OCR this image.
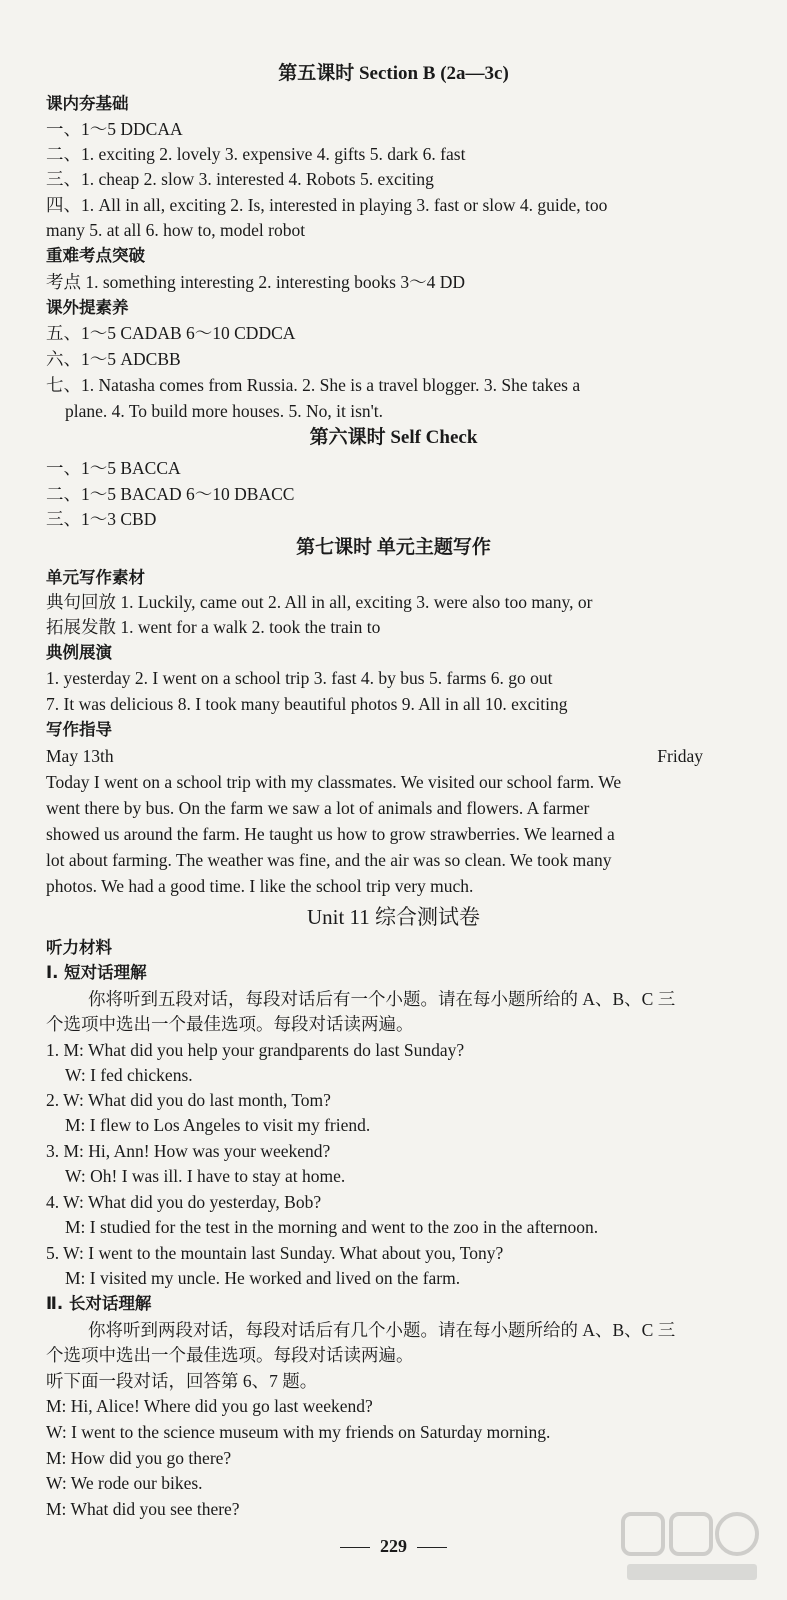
第五课时 Section B (2a—3c)
课内夯基础
一、1～5 DDCAA
二、1. exciting 2. lovely 3. expensive 4. gifts 5. dark 6. fast
三、1. cheap 2. slow 3. interested 4. Robots 5. exciting
四、1. All in all, exciting 2. Is, interested in playing 3. fast or slow 4. guide, too
many 5. at all 6. how to, model robot
重难考点突破
考点 1. something interesting 2. interesting books 3～4 DD
课外提素养
五、1～5 CADAB 6～10 CDDCA
六、1～5 ADCBB
七、1. Natasha comes from Russia. 2. She is a travel blogger. 3. She takes a
plane. 4. To build more houses. 5. No, it isn't.
第六课时 Self Check
一、1～5 BACCA
二、1～5 BACAD 6～10 DBACC
三、1～3 CBD
第七课时 单元主题写作
单元写作素材
典句回放 1. Luckily, came out 2. All in all, exciting 3. were also too many, or
拓展发散 1. went for a walk 2. took the train to
典例展演
1. yesterday 2. I went on a school trip 3. fast 4. by bus 5. farms 6. go out
7. It was delicious 8. I took many beautiful photos 9. All in all 10. exciting
写作指导
May 13th	Friday
Today I went on a school trip with my classmates. We visited our school farm. We
went there by bus. On the farm we saw a lot of animals and flowers. A farmer
showed us around the farm. He taught us how to grow strawberries. We learned a
lot about farming. The weather was fine, and the air was so clean. We took many
photos. We had a good time. I like the school trip very much.
Unit 11 综合测试卷
听力材料
Ⅰ. 短对话理解
你将听到五段对话，每段对话后有一个小题。请在每小题所给的 A、B、C 三
个选项中选出一个最佳选项。每段对话读两遍。
1. M: What did you help your grandparents do last Sunday?
W: I fed chickens.
2. W: What did you do last month, Tom?
M: I flew to Los Angeles to visit my friend.
3. M: Hi, Ann! How was your weekend?
W: Oh! I was ill. I have to stay at home.
4. W: What did you do yesterday, Bob?
M: I studied for the test in the morning and went to the zoo in the afternoon.
5. W: I went to the mountain last Sunday. What about you, Tony?
M: I visited my uncle. He worked and lived on the farm.
Ⅱ. 长对话理解
你将听到两段对话，每段对话后有几个小题。请在每小题所给的 A、B、C 三
个选项中选出一个最佳选项。每段对话读两遍。
听下面一段对话，回答第 6、7 题。
M: Hi, Alice! Where did you go last weekend?
W: I went to the science museum with my friends on Saturday morning.
M: How did you go there?
W: We rode our bikes.
M: What did you see there?
229
